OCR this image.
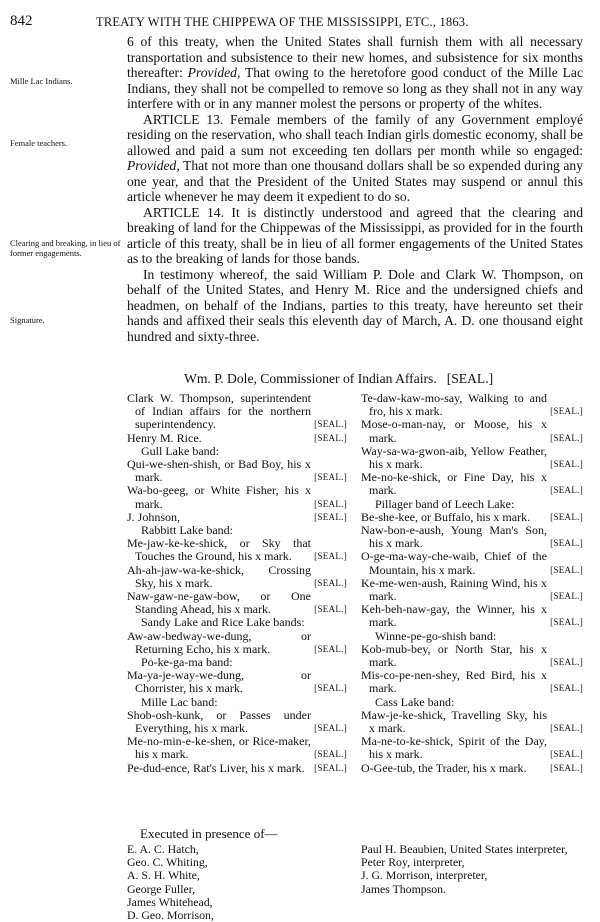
842	TREATY WITH THE CHIPPEWA OF THE MISSISSIPPI, ETC., 1863.
Mille Lac Indians.
Female teachers.
Clearing and breaking, in lieu of former engagements.
Signature.

6 of this treaty, when the United States shall furnish them with all necessary transportation and subsistence to their new homes, and subsistence for six months thereafter: Provided, That owing to the heretofore good conduct of the Mille Lac Indians, they shall not be compelled to remove so long as they shall not in any way interfere with or in any manner molest the persons or property of the whites.

ARTICLE 13. Female members of the family of any Government employé residing on the reservation, who shall teach Indian girls domestic economy, shall be allowed and paid a sum not exceeding ten dollars per month while so engaged: Provided, That not more than one thousand dollars shall be so expended during any one year, and that the President of the United States may suspend or annul this article whenever he may deem it expedient to do so.

ARTICLE 14. It is distinctly understood and agreed that the clearing and breaking of land for the Chippewas of the Mississippi, as provided for in the fourth article of this treaty, shall be in lieu of all former engagements of the United States as to the breaking of lands for those bands.

In testimony whereof, the said William P. Dole and Clark W. Thompson, on behalf of the United States, and Henry M. Rice and the undersigned chiefs and headmen, on behalf of the Indians, parties to this treaty, have hereunto set their hands and affixed their seals this eleventh day of March, A. D. one thousand eight hundred and sixty-three.

Wm. P. Dole, Commissioner of Indian Affairs. [SEAL.]
Clark W. Thompson, superintendent of Indian affairs for the northern superintendency.	[SEAL.]
Henry M. Rice.	[SEAL.]
Gull Lake band:
Qui-we-shen-shish, or Bad Boy, his x mark.	[SEAL.]
Wa-bo-geeg, or White Fisher, his x mark.	[SEAL.]
J. Johnson,	[SEAL.]
Rabbitt Lake band:
Me-jaw-ke-ke-shick, or Sky that Touches the Ground, his x mark.	[SEAL.]
Ah-ah-jaw-wa-ke-shick, Crossing Sky, his x mark.	[SEAL.]
Naw-gaw-ne-gaw-bow, or One Standing Ahead, his x mark.	[SEAL.]
Sandy Lake and Rice Lake bands:
Aw-aw-bedway-we-dung, or Returning Echo, his x mark.	[SEAL.]
Po-ke-ga-ma band:
Ma-ya-je-way-we-dung, or Chorrister, his x mark.	[SEAL.]
Mille Lac band:
Shob-osh-kunk, or Passes under Everything, his x mark.	[SEAL.]
Me-no-min-e-ke-shen, or Rice-maker, his x mark.	[SEAL.]
Pe-dud-ence, Rat's Liver, his x mark.	[SEAL.]
Te-daw-kaw-mo-say, Walking to and fro, his x mark.	[SEAL.]
Mose-o-man-nay, or Moose, his x mark.	[SEAL.]
Way-sa-wa-gwon-aib, Yellow Feather, his x mark.	[SEAL.]
Me-no-ke-shick, or Fine Day, his x mark.	[SEAL.]
Pillager band of Leech Lake:
Be-she-kee, or Buffalo, his x mark.	[SEAL.]
Naw-bon-e-aush, Young Man's Son, his x mark.	[SEAL.]
O-ge-ma-way-che-waib, Chief of the Mountain, his x mark.	[SEAL.]
Ke-me-wen-aush, Raining Wind, his x mark.	[SEAL.]
Keh-beh-naw-gay, the Winner, his x mark.	[SEAL.]
Winne-pe-go-shish band:
Kob-mub-bey, or North Star, his x mark.	[SEAL.]
Mis-co-pe-nen-shey, Red Bird, his x mark.	[SEAL.]
Cass Lake band:
Maw-je-ke-shick, Travelling Sky, his x mark.	[SEAL.]
Ma-ne-to-ke-shick, Spirit of the Day, his x mark.	[SEAL.]
O-Gee-tub, the Trader, his x mark.	[SEAL.]
Executed in presence of—
E. A. C. Hatch,
Geo. C. Whiting,
A. S. H. White,
George Fuller,
James Whitehead,
D. Geo. Morrison,
Paul H. Beaubien, United States interpreter,
Peter Roy, interpreter,
J. G. Morrison, interpreter,
James Thompson.
